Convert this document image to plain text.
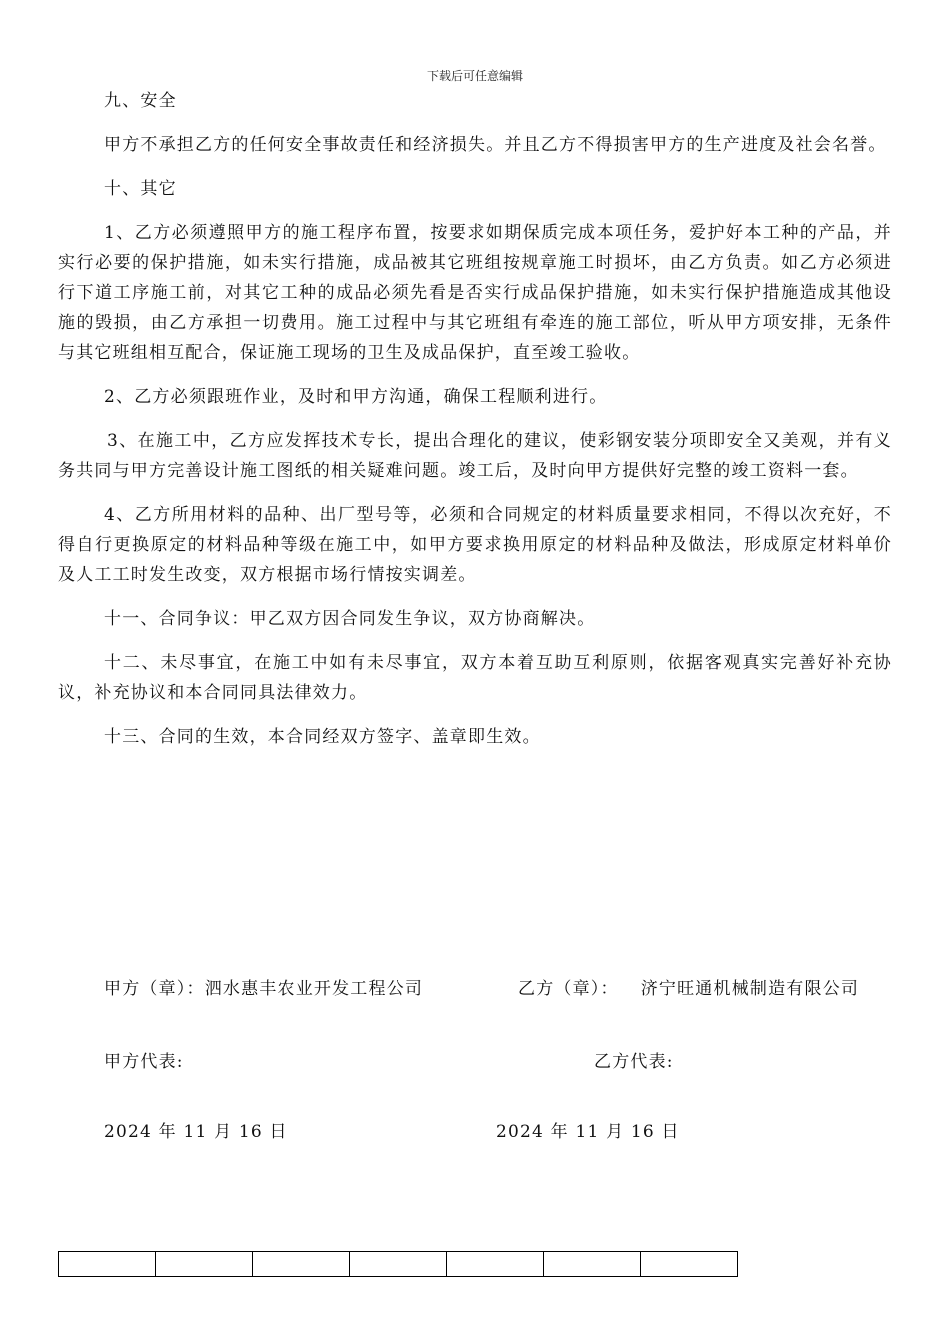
下载后可任意编辑

九、安全

甲方不承担乙方的任何安全事故责任和经济损失。并且乙方不得损害甲方的生产进度及社会名誉。

十、其它

1、乙方必须遵照甲方的施工程序布置，按要求如期保质完成本项任务，爱护好本工种的产品，并实行必要的保护措施，如未实行措施，成品被其它班组按规章施工时损坏，由乙方负责。如乙方必须进行下道工序施工前，对其它工种的成品必须先看是否实行成品保护措施，如未实行保护措施造成其他设施的毁损，由乙方承担一切费用。施工过程中与其它班组有牵连的施工部位，听从甲方项安排，无条件与其它班组相互配合，保证施工现场的卫生及成品保护，直至竣工验收。

2、乙方必须跟班作业，及时和甲方沟通，确保工程顺利进行。

3、在施工中，乙方应发挥技术专长，提出合理化的建议，使彩钢安装分项即安全又美观，并有义务共同与甲方完善设计施工图纸的相关疑难问题。竣工后，及时向甲方提供好完整的竣工资料一套。

4、乙方所用材料的品种、出厂型号等，必须和合同规定的材料质量要求相同，不得以次充好，不得自行更换原定的材料品种等级在施工中，如甲方要求换用原定的材料品种及做法，形成原定材料单价及人工工时发生改变，双方根据市场行情按实调差。

十一、合同争议：甲乙双方因合同发生争议，双方协商解决。

十二、未尽事宜，在施工中如有未尽事宜，双方本着互助互利原则，依据客观真实完善好补充协议，补充协议和本合同同具法律效力。

十三、合同的生效，本合同经双方签字、盖章即生效。

甲方（章）：泗水惠丰农业开发工程公司	乙方（章）： 济宁旺通机械制造有限公司
甲方代表:	乙方代表:
2024 年 11 月 16 日	2024 年 11 月 16 日
